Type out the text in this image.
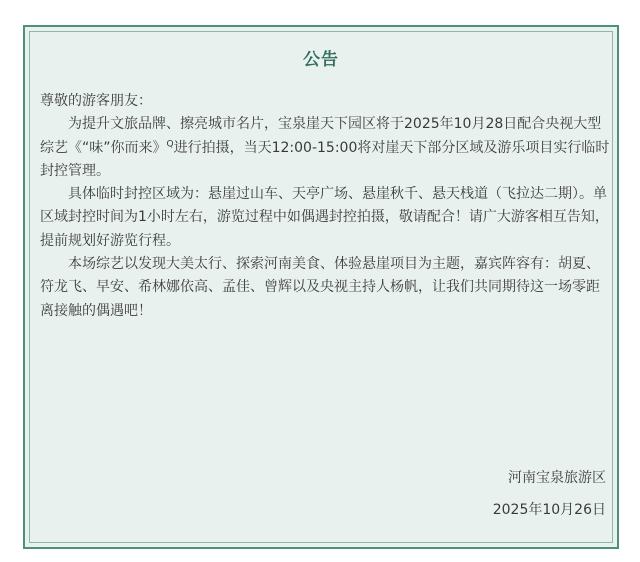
公告

尊敬的游客朋友：

为提升文旅品牌、擦亮城市名片，宝泉崖天下园区将于2025年10月28日配合央视大型综艺《“味”你而来》$^Q$进行拍摄，当天12:00-15:00将对崖天下部分区域及游乐项目实行临时封控管理。

具体临时封控区域为：悬崖过山车、天亭广场、悬崖秋千、悬天栈道（飞拉达二期）。单区域封控时间为1小时左右，游览过程中如偶遇封控拍摄，敬请配合！请广大游客相互告知，提前规划好游览行程。

本场综艺以发现大美太行、探索河南美食、体验悬崖项目为主题，嘉宾阵容有：胡夏、符龙飞、早安、希林娜依高、孟佳、曾辉以及央视主持人杨帆，让我们共同期待这一场零距离接触的偶遇吧！

河南宝泉旅游区
2025年10月26日
